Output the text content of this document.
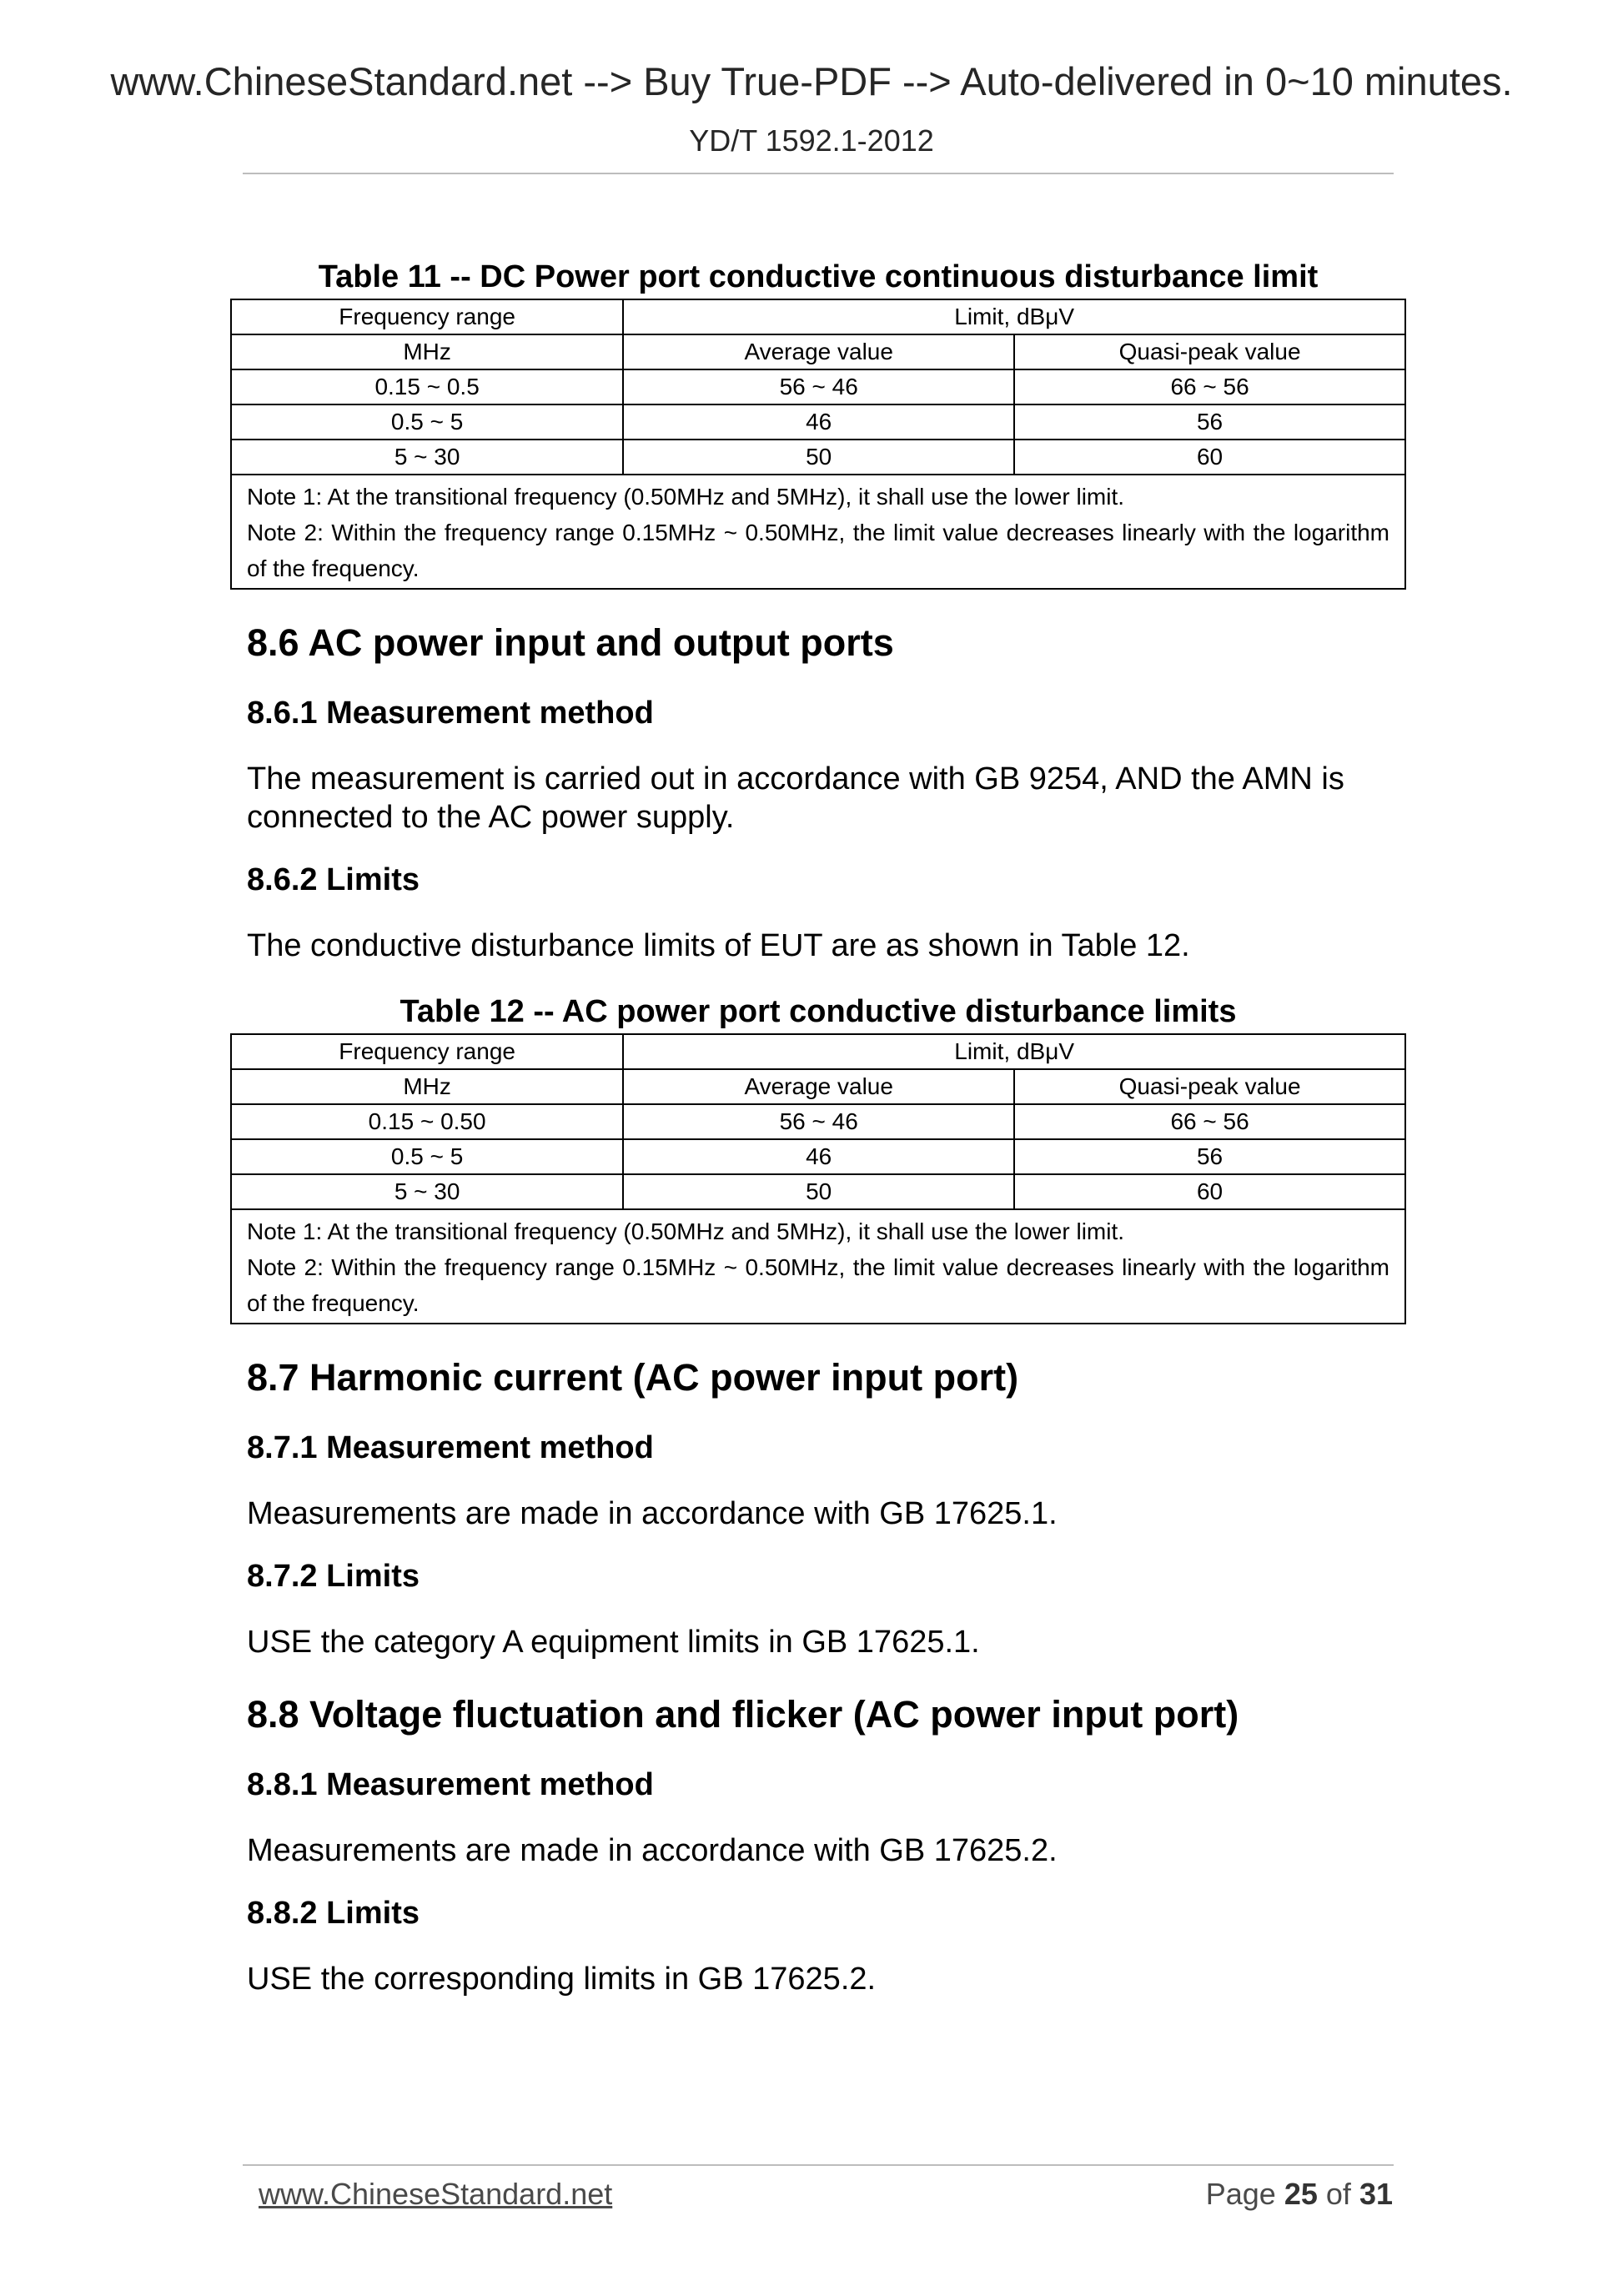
www.ChineseStandard.net --> Buy True-PDF --> Auto-delivered in 0~10 minutes.
YD/T 1592.1-2012
Table 11 -- DC Power port conductive continuous disturbance limit
Frequency range	Limit, dBμV	
MHz	Average value	Quasi-peak value
0.15 ~ 0.5	56 ~ 46	66 ~ 56
0.5 ~ 5	46	56
5 ~ 30	50	60

Note 1: At the transitional frequency (0.50MHz and 5MHz), it shall use the lower limit.
Note 2: Within the frequency range 0.15MHz ~ 0.50MHz, the limit value decreases linearly with the logarithm of the frequency.		
8.6 AC power input and output ports
8.6.1 Measurement method

The measurement is carried out in accordance with GB 9254, AND the AMN is connected to the AC power supply.

8.6.2 Limits

The conductive disturbance limits of EUT are as shown in Table 12.

Table 12 -- AC power port conductive disturbance limits
Frequency range	Limit, dBμV	
MHz	Average value	Quasi-peak value
0.15 ~ 0.50	56 ~ 46	66 ~ 56
0.5 ~ 5	46	56
5 ~ 30	50	60

Note 1: At the transitional frequency (0.50MHz and 5MHz), it shall use the lower limit.
Note 2: Within the frequency range 0.15MHz ~ 0.50MHz, the limit value decreases linearly with the logarithm of the frequency.		
8.7 Harmonic current (AC power input port)
8.7.1 Measurement method

Measurements are made in accordance with GB 17625.1.

8.7.2 Limits

USE the category A equipment limits in GB 17625.1.

8.8 Voltage fluctuation and flicker (AC power input port)
8.8.1 Measurement method

Measurements are made in accordance with GB 17625.2.

8.8.2 Limits

USE the corresponding limits in GB 17625.2.

www.ChineseStandard.net	Page 25 of 31
